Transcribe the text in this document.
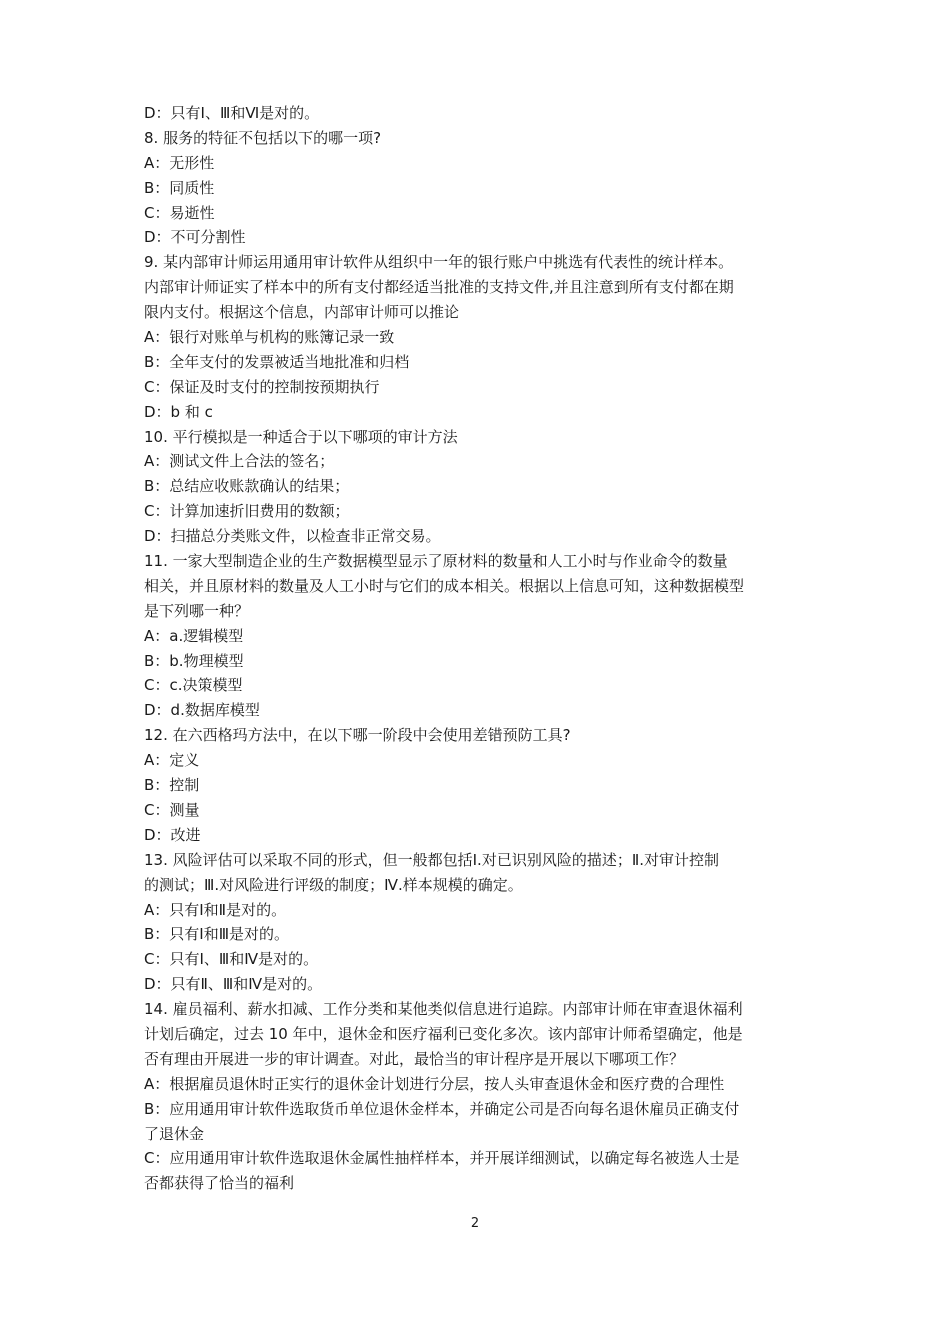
D：只有Ⅰ、Ⅲ和Ⅵ是对的。
8. 服务的特征不包括以下的哪一项?
A：无形性
B：同质性
C：易逝性
D：不可分割性
9. 某内部审计师运用通用审计软件从组织中一年的银行账户中挑选有代表性的统计样本。
内部审计师证实了样本中的所有支付都经适当批准的支持文件,并且注意到所有支付都在期
限内支付。根据这个信息，内部审计师可以推论
A：银行对账单与机构的账簿记录一致
B：全年支付的发票被适当地批准和归档
C：保证及时支付的控制按预期执行
D：b 和 c
10. 平行模拟是一种适合于以下哪项的审计方法
A：测试文件上合法的签名；
B：总结应收账款确认的结果；
C：计算加速折旧费用的数额；
D：扫描总分类账文件，以检查非正常交易。
11. 一家大型制造企业的生产数据模型显示了原材料的数量和人工小时与作业命令的数量
相关，并且原材料的数量及人工小时与它们的成本相关。根据以上信息可知，这种数据模型
是下列哪一种？
A：a.逻辑模型
B：b.物理模型
C：c.决策模型
D：d.数据库模型
12. 在六西格玛方法中，在以下哪一阶段中会使用差错预防工具?
A：定义
B：控制
C：测量
D：改进
13. 风险评估可以采取不同的形式，但一般都包括Ⅰ.对已识别风险的描述；Ⅱ.对审计控制
的测试；Ⅲ.对风险进行评级的制度；Ⅳ.样本规模的确定。
A：只有Ⅰ和Ⅱ是对的。
B：只有Ⅰ和Ⅲ是对的。
C：只有Ⅰ、Ⅲ和Ⅳ是对的。
D：只有Ⅱ、Ⅲ和Ⅳ是对的。
14. 雇员福利、薪水扣减、工作分类和某他类似信息进行追踪。内部审计师在审查退休福利
计划后确定，过去 10 年中，退休金和医疗福利已变化多次。该内部审计师希望确定，他是
否有理由开展进一步的审计调查。对此，最恰当的审计程序是开展以下哪项工作？
A：根据雇员退休时正实行的退休金计划进行分层，按人头审查退休金和医疗费的合理性
B：应用通用审计软件选取货币单位退休金样本，并确定公司是否向每名退休雇员正确支付
了退休金
C：应用通用审计软件选取退休金属性抽样样本，并开展详细测试，以确定每名被选人士是
否都获得了恰当的福利
2
